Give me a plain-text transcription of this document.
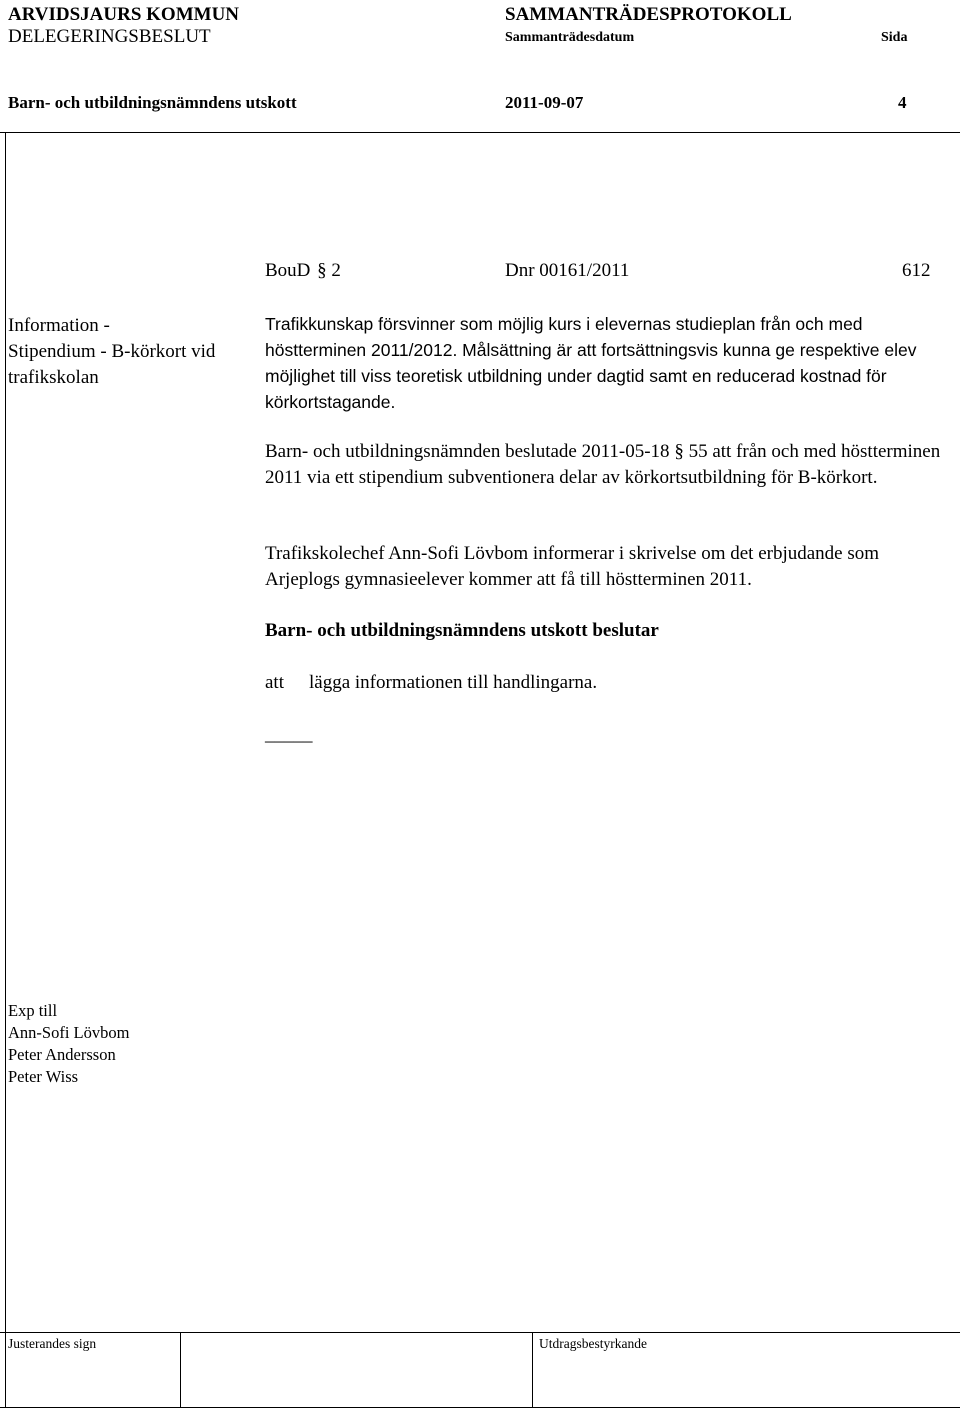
ARVIDSJAURS KOMMUN
DELEGERINGSBESLUT
SAMMANTRÄDESPROTOKOLL
Sammanträdesdatum	Sida
Barn- och utbildningsnämndens utskott	2011-09-07	4
BouD § 2	Dnr 00161/2011	612
Information -
Stipendium - B-körkort vid
trafikskolan
Trafikkunskap försvinner som möjlig kurs i elevernas studieplan från och med höstterminen 2011/2012. Målsättning är att fortsättningsvis kunna ge respektive elev möjlighet till viss teoretisk utbildning under dagtid samt en reducerad kostnad för körkortstagande.
Barn- och utbildningsnämnden beslutade 2011-05-18 § 55 att från och med höstterminen 2011 via ett stipendium subventionera delar av körkortsutbildning för B-körkort.
Trafikskolechef Ann-Sofi Lövbom informerar i skrivelse om det erbjudande som Arjeplogs gymnasieelever kommer att få till höstterminen 2011.
Barn- och utbildningsnämndens utskott beslutar
att lägga informationen till handlingarna.
_____
Exp till
Ann-Sofi Lövbom
Peter Andersson
Peter Wiss
Justerandes sign	Utdragsbestyrkande
